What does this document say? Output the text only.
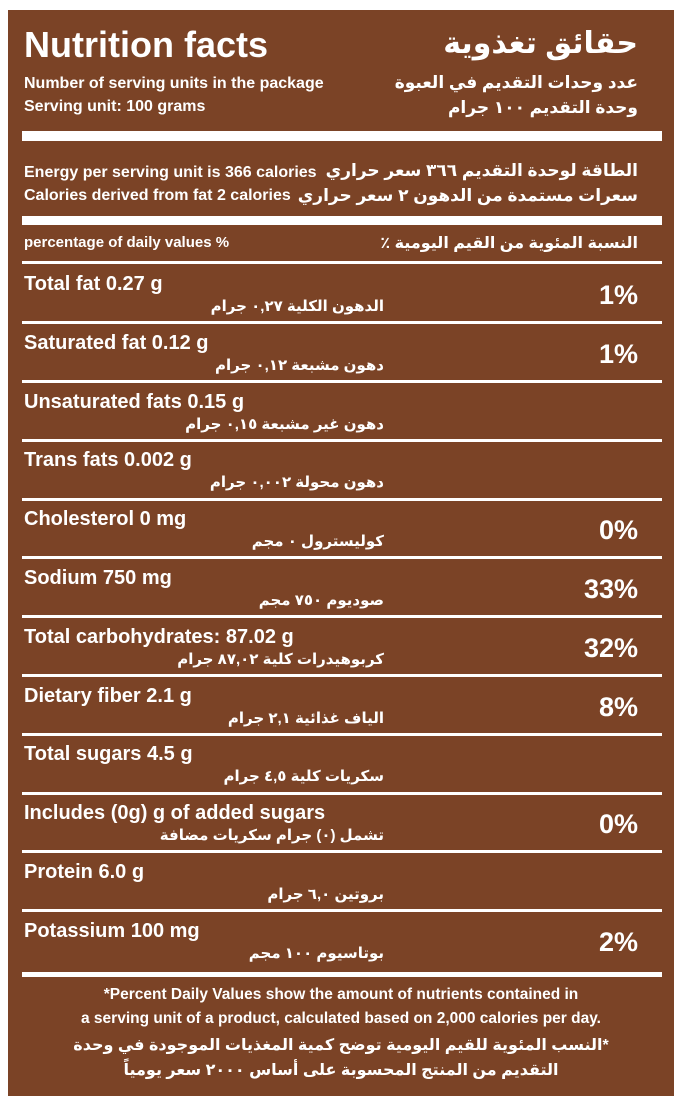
Nutrition facts	حقائق تغذوية
Number of serving units in the package	عدد وحدات التقديم في العبوة
Serving unit: 100 grams	وحدة التقديم ١٠٠ جرام
Energy per serving unit is 366 calories الطاقة لوحدة التقديم ٣٦٦ سعر حراري
Calories derived from fat 2 calories سعرات مستمدة من الدهون ٢ سعر حراري
percentage of daily values %	النسبة المئوية من القيم اليومية ٪
Total fat 0.27 g
الدهون الكلية ٠,٢٧ جرام	1%
Saturated fat 0.12 g
دهون مشبعة ٠,١٢ جرام	1%
Unsaturated fats 0.15 g
دهون غير مشبعة ٠,١٥ جرام
Trans fats 0.002 g
دهون محولة ٠,٠٠٢ جرام
Cholesterol 0 mg
كوليسترول ٠ مجم	0%
Sodium 750 mg
صوديوم ٧٥٠ مجم	33%
Total carbohydrates: 87.02 g
كربوهيدرات كلية ٨٧,٠٢ جرام	32%
Dietary fiber 2.1 g
الياف غذائية ٢,١ جرام	8%
Total sugars 4.5 g
سكريات كلية ٤,٥ جرام
Includes (0g) g of added sugars
تشمل (٠) جرام سكريات مضافة	0%
Protein 6.0 g
بروتين ٦,٠ جرام
Potassium 100 mg
بوتاسيوم ١٠٠ مجم	2%
*Percent Daily Values show the amount of nutrients contained in
a serving unit of a product, calculated based on 2,000 calories per day.
*النسب المئوية للقيم اليومية توضح كمية المغذيات الموجودة في وحدة
التقديم من المنتج المحسوبة على أساس ٢٠٠٠ سعر يومياً
